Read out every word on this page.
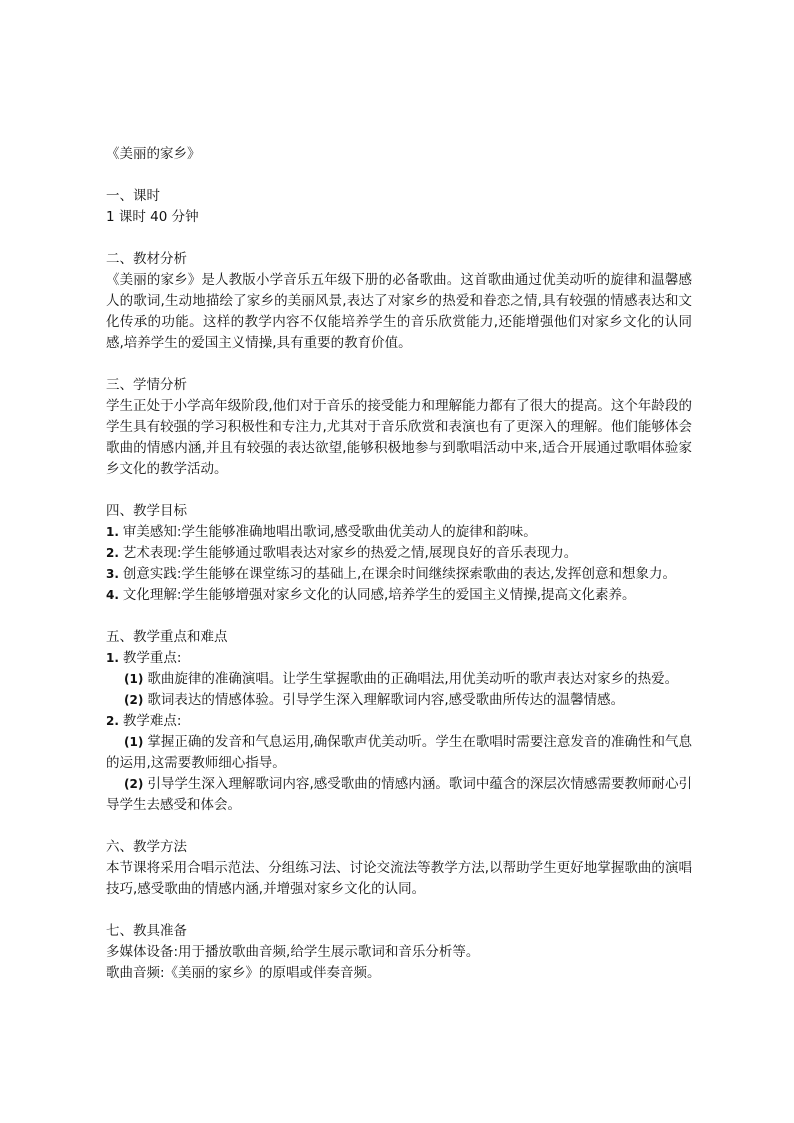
《美丽的家乡》
一、课时
1 课时 40 分钟
二、教材分析
《美丽的家乡》是人教版小学音乐五年级下册的必备歌曲。这首歌曲通过优美动听的旋律和温馨感人的歌词,生动地描绘了家乡的美丽风景,表达了对家乡的热爱和眷恋之情,具有较强的情感表达和文化传承的功能。这样的教学内容不仅能培养学生的音乐欣赏能力,还能增强他们对家乡文化的认同感,培养学生的爱国主义情操,具有重要的教育价值。
三、学情分析
学生正处于小学高年级阶段,他们对于音乐的接受能力和理解能力都有了很大的提高。这个年龄段的学生具有较强的学习积极性和专注力,尤其对于音乐欣赏和表演也有了更深入的理解。他们能够体会歌曲的情感内涵,并且有较强的表达欲望,能够积极地参与到歌唱活动中来,适合开展通过歌唱体验家乡文化的教学活动。
四、教学目标
1. 审美感知:学生能够准确地唱出歌词,感受歌曲优美动人的旋律和韵味。
2. 艺术表现:学生能够通过歌唱表达对家乡的热爱之情,展现良好的音乐表现力。
3. 创意实践:学生能够在课堂练习的基础上,在课余时间继续探索歌曲的表达,发挥创意和想象力。
4. 文化理解:学生能够增强对家乡文化的认同感,培养学生的爱国主义情操,提高文化素养。
五、教学重点和难点
1. 教学重点:
(1) 歌曲旋律的准确演唱。让学生掌握歌曲的正确唱法,用优美动听的歌声表达对家乡的热爱。
(2) 歌词表达的情感体验。引导学生深入理解歌词内容,感受歌曲所传达的温馨情感。
2. 教学难点:
(1) 掌握正确的发音和气息运用,确保歌声优美动听。学生在歌唱时需要注意发音的准确性和气息的运用,这需要教师细心指导。
(2) 引导学生深入理解歌词内容,感受歌曲的情感内涵。歌词中蕴含的深层次情感需要教师耐心引导学生去感受和体会。
六、教学方法
本节课将采用合唱示范法、分组练习法、讨论交流法等教学方法,以帮助学生更好地掌握歌曲的演唱技巧,感受歌曲的情感内涵,并增强对家乡文化的认同。
七、教具准备
多媒体设备:用于播放歌曲音频,给学生展示歌词和音乐分析等。
歌曲音频:《美丽的家乡》的原唱或伴奏音频。
